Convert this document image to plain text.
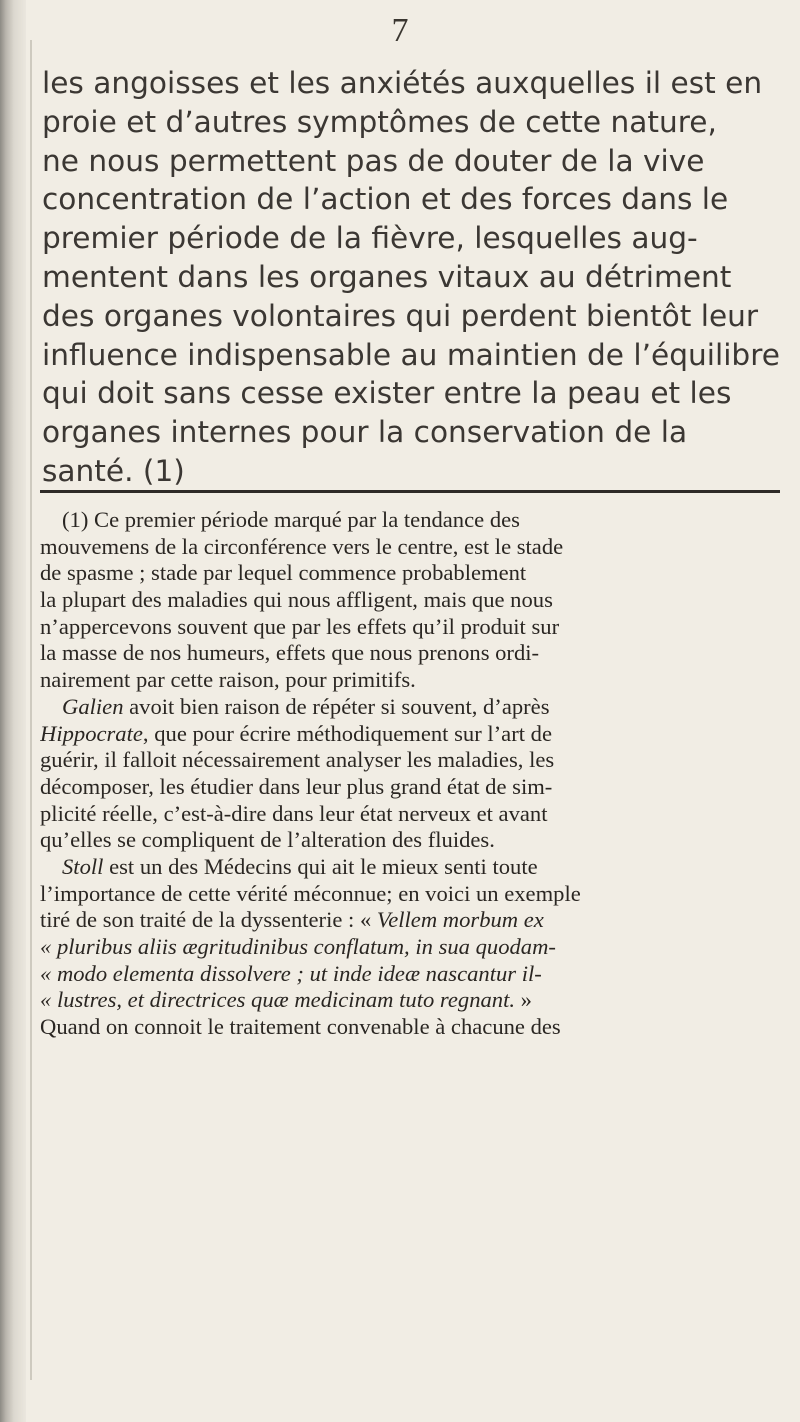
7
les angoisses et les anxiétés auxquelles il est en
proie et d’autres symptômes de cette nature,
ne nous permettent pas de douter de la vive
concentration de l’action et des forces dans le
premier période de la fièvre, lesquelles aug-
mentent dans les organes vitaux au détriment
des organes volontaires qui perdent bientôt leur
influence indispensable au maintien de l’équilibre
qui doit sans cesse exister entre la peau et les
organes internes pour la conservation de la
santé. (1)
(1) Ce premier période marqué par la tendance des
mouvemens de la circonférence vers le centre, est le stade
de spasme ; stade par lequel commence probablement
la plupart des maladies qui nous affligent, mais que nous
n’appercevons souvent que par les effets qu’il produit sur
la masse de nos humeurs, effets que nous prenons ordi-
nairement par cette raison, pour primitifs.
Galien avoit bien raison de répéter si souvent, d’après
Hippocrate, que pour écrire méthodiquement sur l’art de
guérir, il falloit nécessairement analyser les maladies, les
décomposer, les étudier dans leur plus grand état de sim-
plicité réelle, c’est-à-dire dans leur état nerveux et avant
qu’elles se compliquent de l’alteration des fluides.
Stoll est un des Médecins qui ait le mieux senti toute
l’importance de cette vérité méconnue; en voici un exemple
tiré de son traité de la dyssenterie : « Vellem morbum ex
« pluribus aliis ægritudinibus conflatum, in sua quodam-
« modo elementa dissolvere ; ut inde ideæ nascantur il-
« lustres, et directrices quæ medicinam tuto regnant. »
Quand on connoit le traitement convenable à chacune des
